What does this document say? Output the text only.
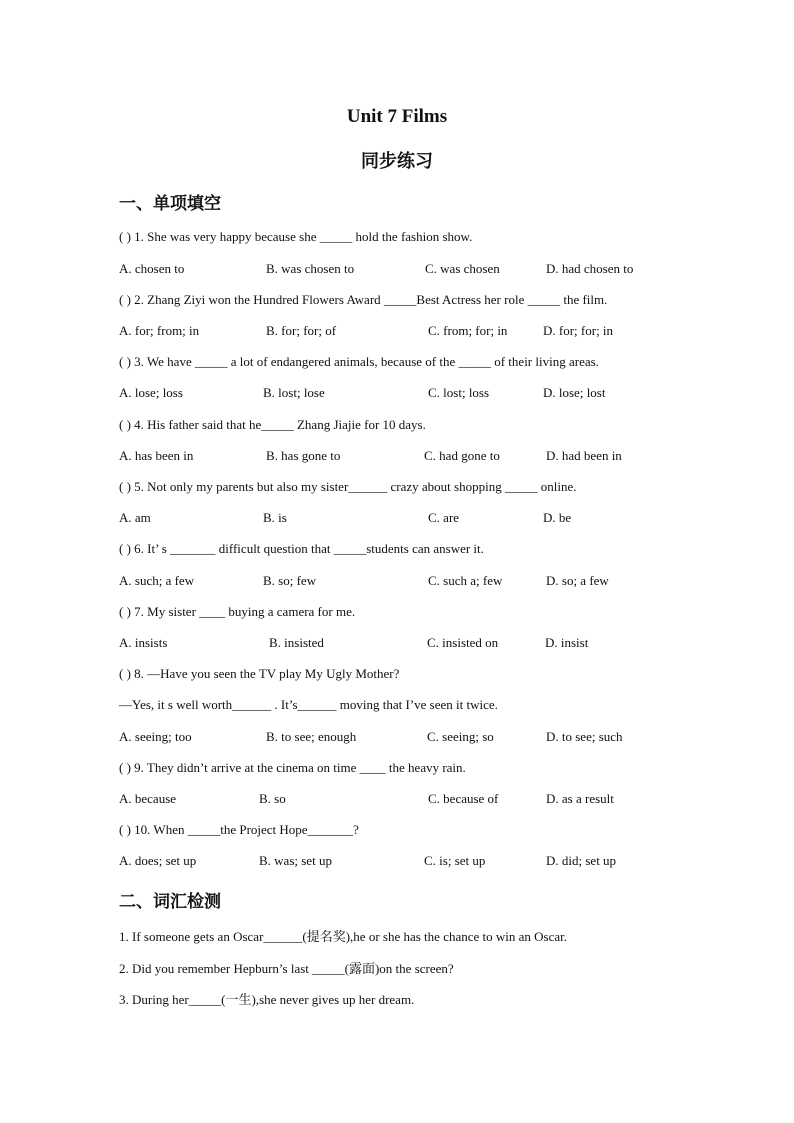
Unit 7 Films
同步练习
一、单项填空
( ) 1. She was very happy because she _____ hold the fashion show.
A. chosen to	B. was chosen to	C. was chosen	D. had chosen to
( ) 2. Zhang Ziyi won the Hundred Flowers Award _____Best Actress her role _____ the film.
A. for; from; in	B. for; for; of	C. from; for; in	D. for; for; in
( ) 3. We have _____ a lot of endangered animals, because of the _____ of their living areas.
A. lose; loss	B. lost; lose	C. lost; loss	D. lose; lost
( ) 4. His father said that he_____ Zhang Jiajie for 10 days.
A. has been in	B. has gone to	C. had gone to	D. had been in
( ) 5. Not only my parents but also my sister______ crazy about shopping _____ online.
A. am	B. is	C. are	D. be
( ) 6. It’ s _______ difficult question that _____students can answer it.
A. such; a few	B. so; few	C. such a; few	D. so; a few
( ) 7. My sister ____ buying a camera for me.
A. insists	B. insisted	C. insisted on	D. insist
( ) 8. —Have you seen the TV play My Ugly Mother?
—Yes, it s well worth______ . It’s______ moving that I’ve seen it twice.
A. seeing; too	B. to see; enough	C. seeing; so	D. to see; such
( ) 9. They didn’t arrive at the cinema on time ____ the heavy rain.
A. because	B. so	C. because of	D. as a result
( ) 10. When _____the Project Hope_______?
A. does; set up	B. was; set up	C. is; set up	D. did; set up
二、词汇检测
1. If someone gets an Oscar______(提名奖),he or she has the chance to win an Oscar.
2. Did you remember Hepburn’s last _____(露面)on the screen?
3. During her_____(一生),she never gives up her dream.
